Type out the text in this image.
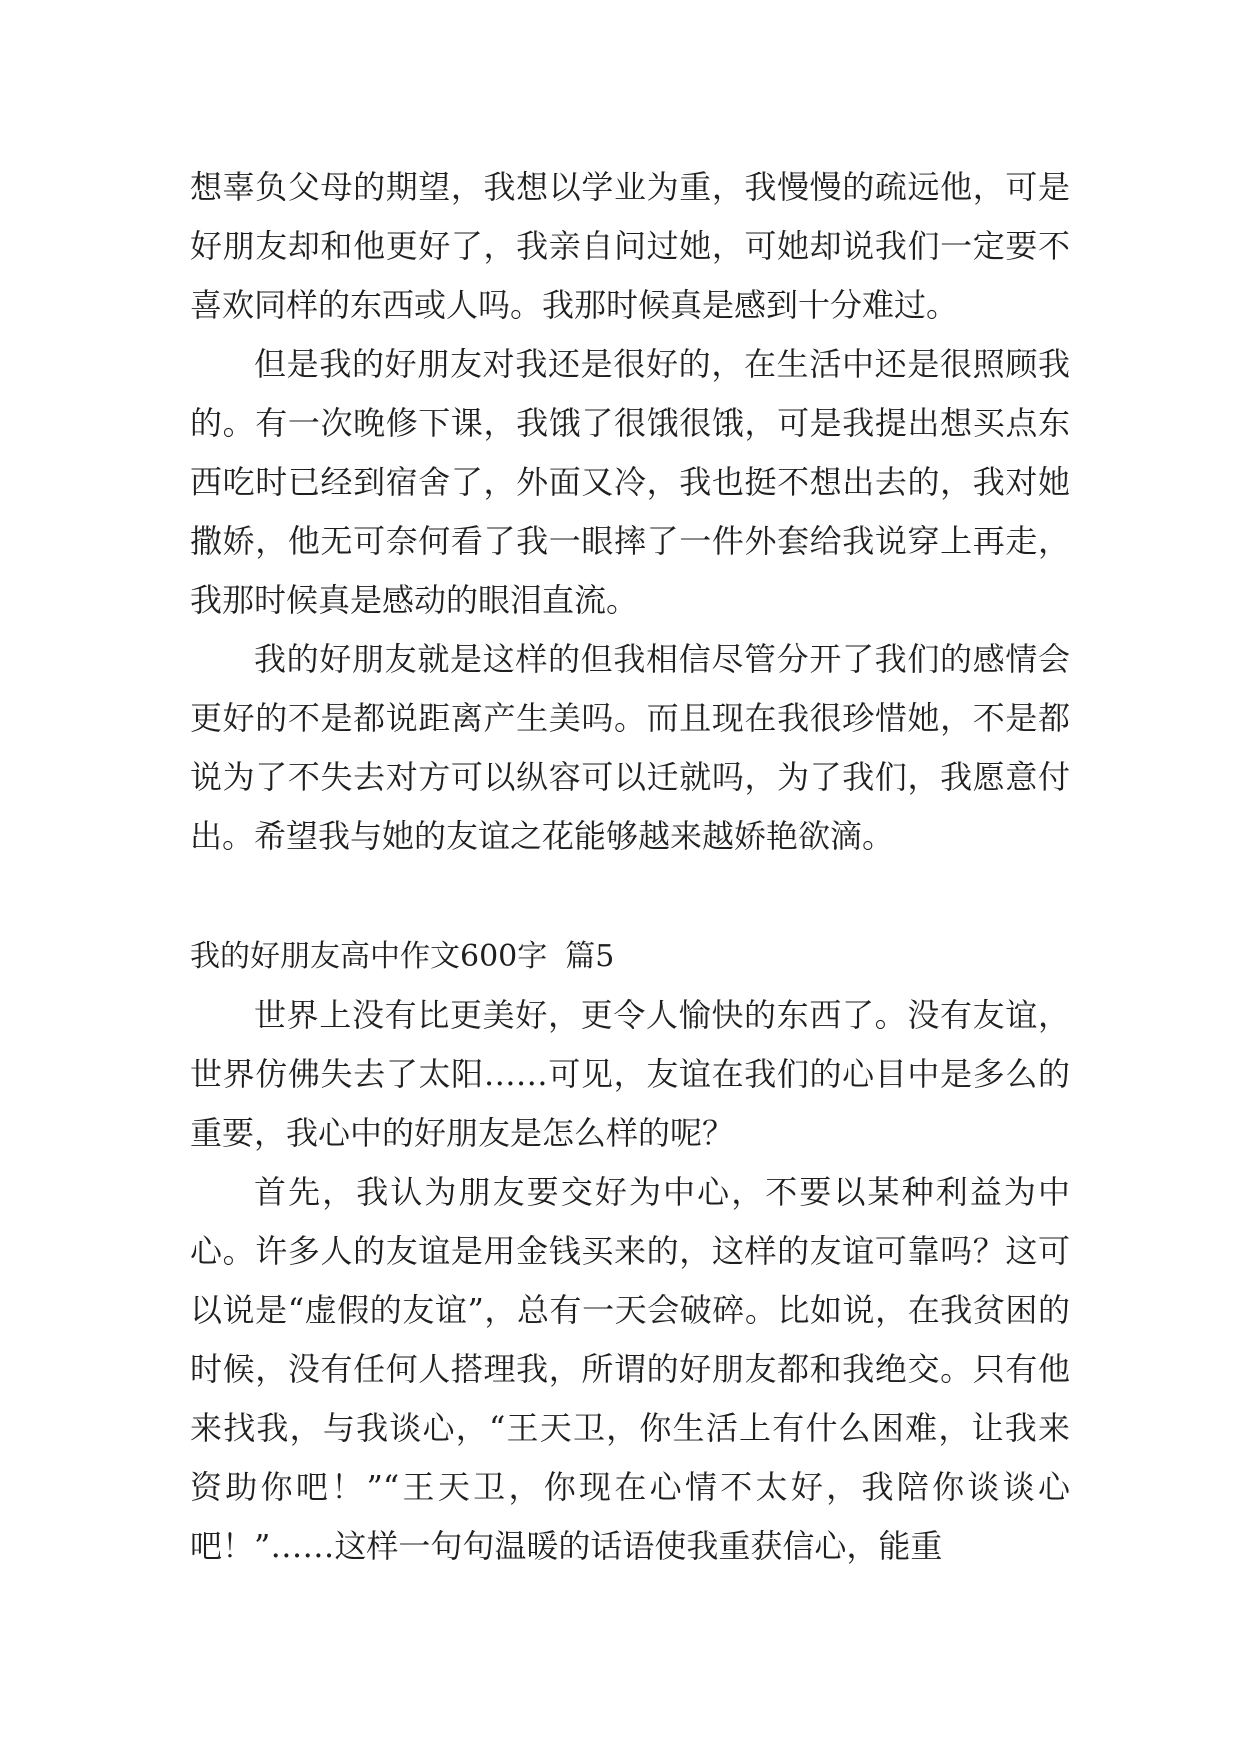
想辜负父母的期望，我想以学业为重，我慢慢的疏远他，可是好朋友却和他更好了，我亲自问过她，可她却说我们一定要不喜欢同样的东西或人吗。我那时候真是感到十分难过。

但是我的好朋友对我还是很好的，在生活中还是很照顾我的。有一次晚修下课，我饿了很饿很饿，可是我提出想买点东西吃时已经到宿舍了，外面又冷，我也挺不想出去的，我对她撒娇，他无可奈何看了我一眼摔了一件外套给我说穿上再走，我那时候真是感动的眼泪直流。

我的好朋友就是这样的但我相信尽管分开了我们的感情会更好的不是都说距离产生美吗。而且现在我很珍惜她，不是都说为了不失去对方可以纵容可以迁就吗，为了我们，我愿意付出。希望我与她的友谊之花能够越来越娇艳欲滴。

我的好朋友高中作文600字 篇5

世界上没有比更美好，更令人愉快的东西了。没有友谊，世界仿佛失去了太阳……可见，友谊在我们的心目中是多么的重要，我心中的好朋友是怎么样的呢？

首先，我认为朋友要交好为中心，不要以某种利益为中心。许多人的友谊是用金钱买来的，这样的友谊可靠吗？这可以说是“虚假的友谊”，总有一天会破碎。比如说，在我贫困的时候，没有任何人搭理我，所谓的好朋友都和我绝交。只有他来找我，与我谈心，“王天卫，你生活上有什么困难，让我来资助你吧！”“王天卫，你现在心情不太好，我陪你谈谈心吧！”……这样一句句温暖的话语使我重获信心，能重
